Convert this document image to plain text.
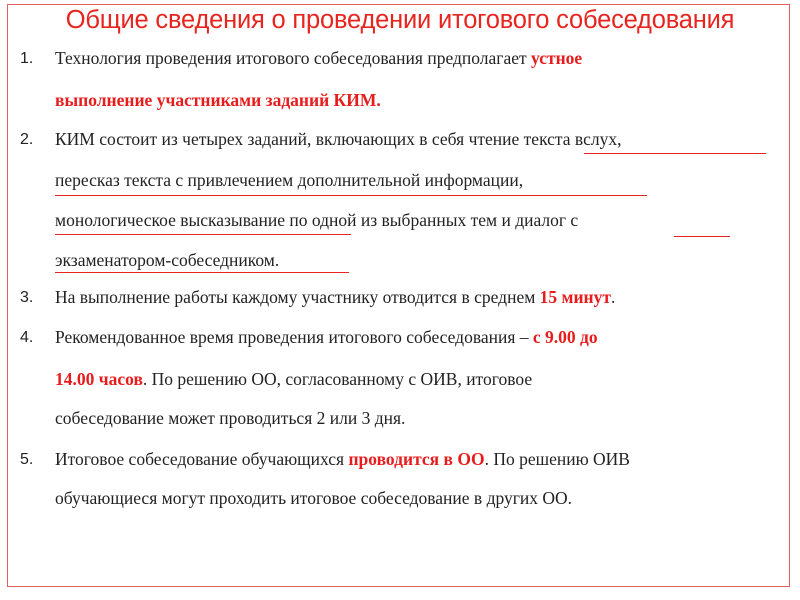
Общие сведения о проведении итогового собеседования
1. Технология проведения итогового собеседования предполагает устное
выполнение участниками заданий КИМ.
2. КИМ состоит из четырех заданий, включающих в себя чтение текста вслух,
пересказ текста с привлечением дополнительной информации,
монологическое высказывание по одной из выбранных тем и диалог с
экзаменатором-собеседником.
3. На выполнение работы каждому участнику отводится в среднем 15 минут.
4. Рекомендованное время проведения итогового собеседования – с 9.00 до
14.00 часов. По решению ОО, согласованному с ОИВ, итоговое
собеседование может проводиться 2 или 3 дня.
5. Итоговое собеседование обучающихся проводится в ОО. По решению ОИВ
обучающиеся могут проходить итоговое собеседование в других ОО.
